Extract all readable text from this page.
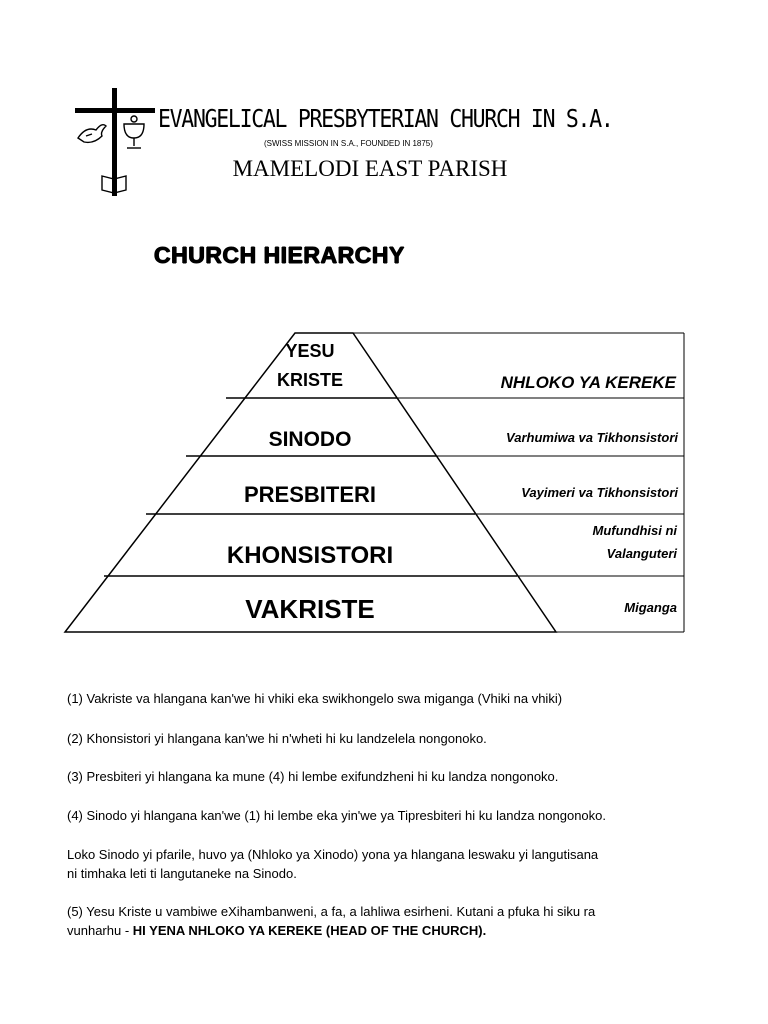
EVANGELICAL PRESBYTERIAN CHURCH IN S.A.
(SWISS MISSION IN S.A., FOUNDED IN 1875)
MAMELODI EAST PARISH
CHURCH HIERARCHY
YESU
KRISTE
SINODO
PRESBITERI
KHONSISTORI
VAKRISTE
NHLOKO YA KEREKE
Varhumiwa va Tikhonsistori
Vayimeri va Tikhonsistori
Mufundhisi ni
Valanguteri
Miganga
(1) Vakriste va hlangana kan'we hi vhiki eka swikhongelo swa miganga (Vhiki na vhiki)
(2) Khonsistori yi hlangana kan'we hi n'wheti hi ku landzelela nongonoko.
(3) Presbiteri yi hlangana ka mune (4) hi lembe exifundzheni hi ku landza nongonoko.
(4) Sinodo yi hlangana kan'we (1) hi lembe eka yin'we ya Tipresbiteri hi ku landza nongonoko.
Loko Sinodo yi pfarile, huvo ya (Nhloko ya Xinodo) yona ya hlangana leswaku yi langutisana
ni timhaka leti ti langutaneke na Sinodo.
(5) Yesu Kriste u vambiwe eXihambanweni, a fa, a lahliwa esirheni. Kutani a pfuka hi siku ra
vunharhu - HI YENA NHLOKO YA KEREKE (HEAD OF THE CHURCH).
